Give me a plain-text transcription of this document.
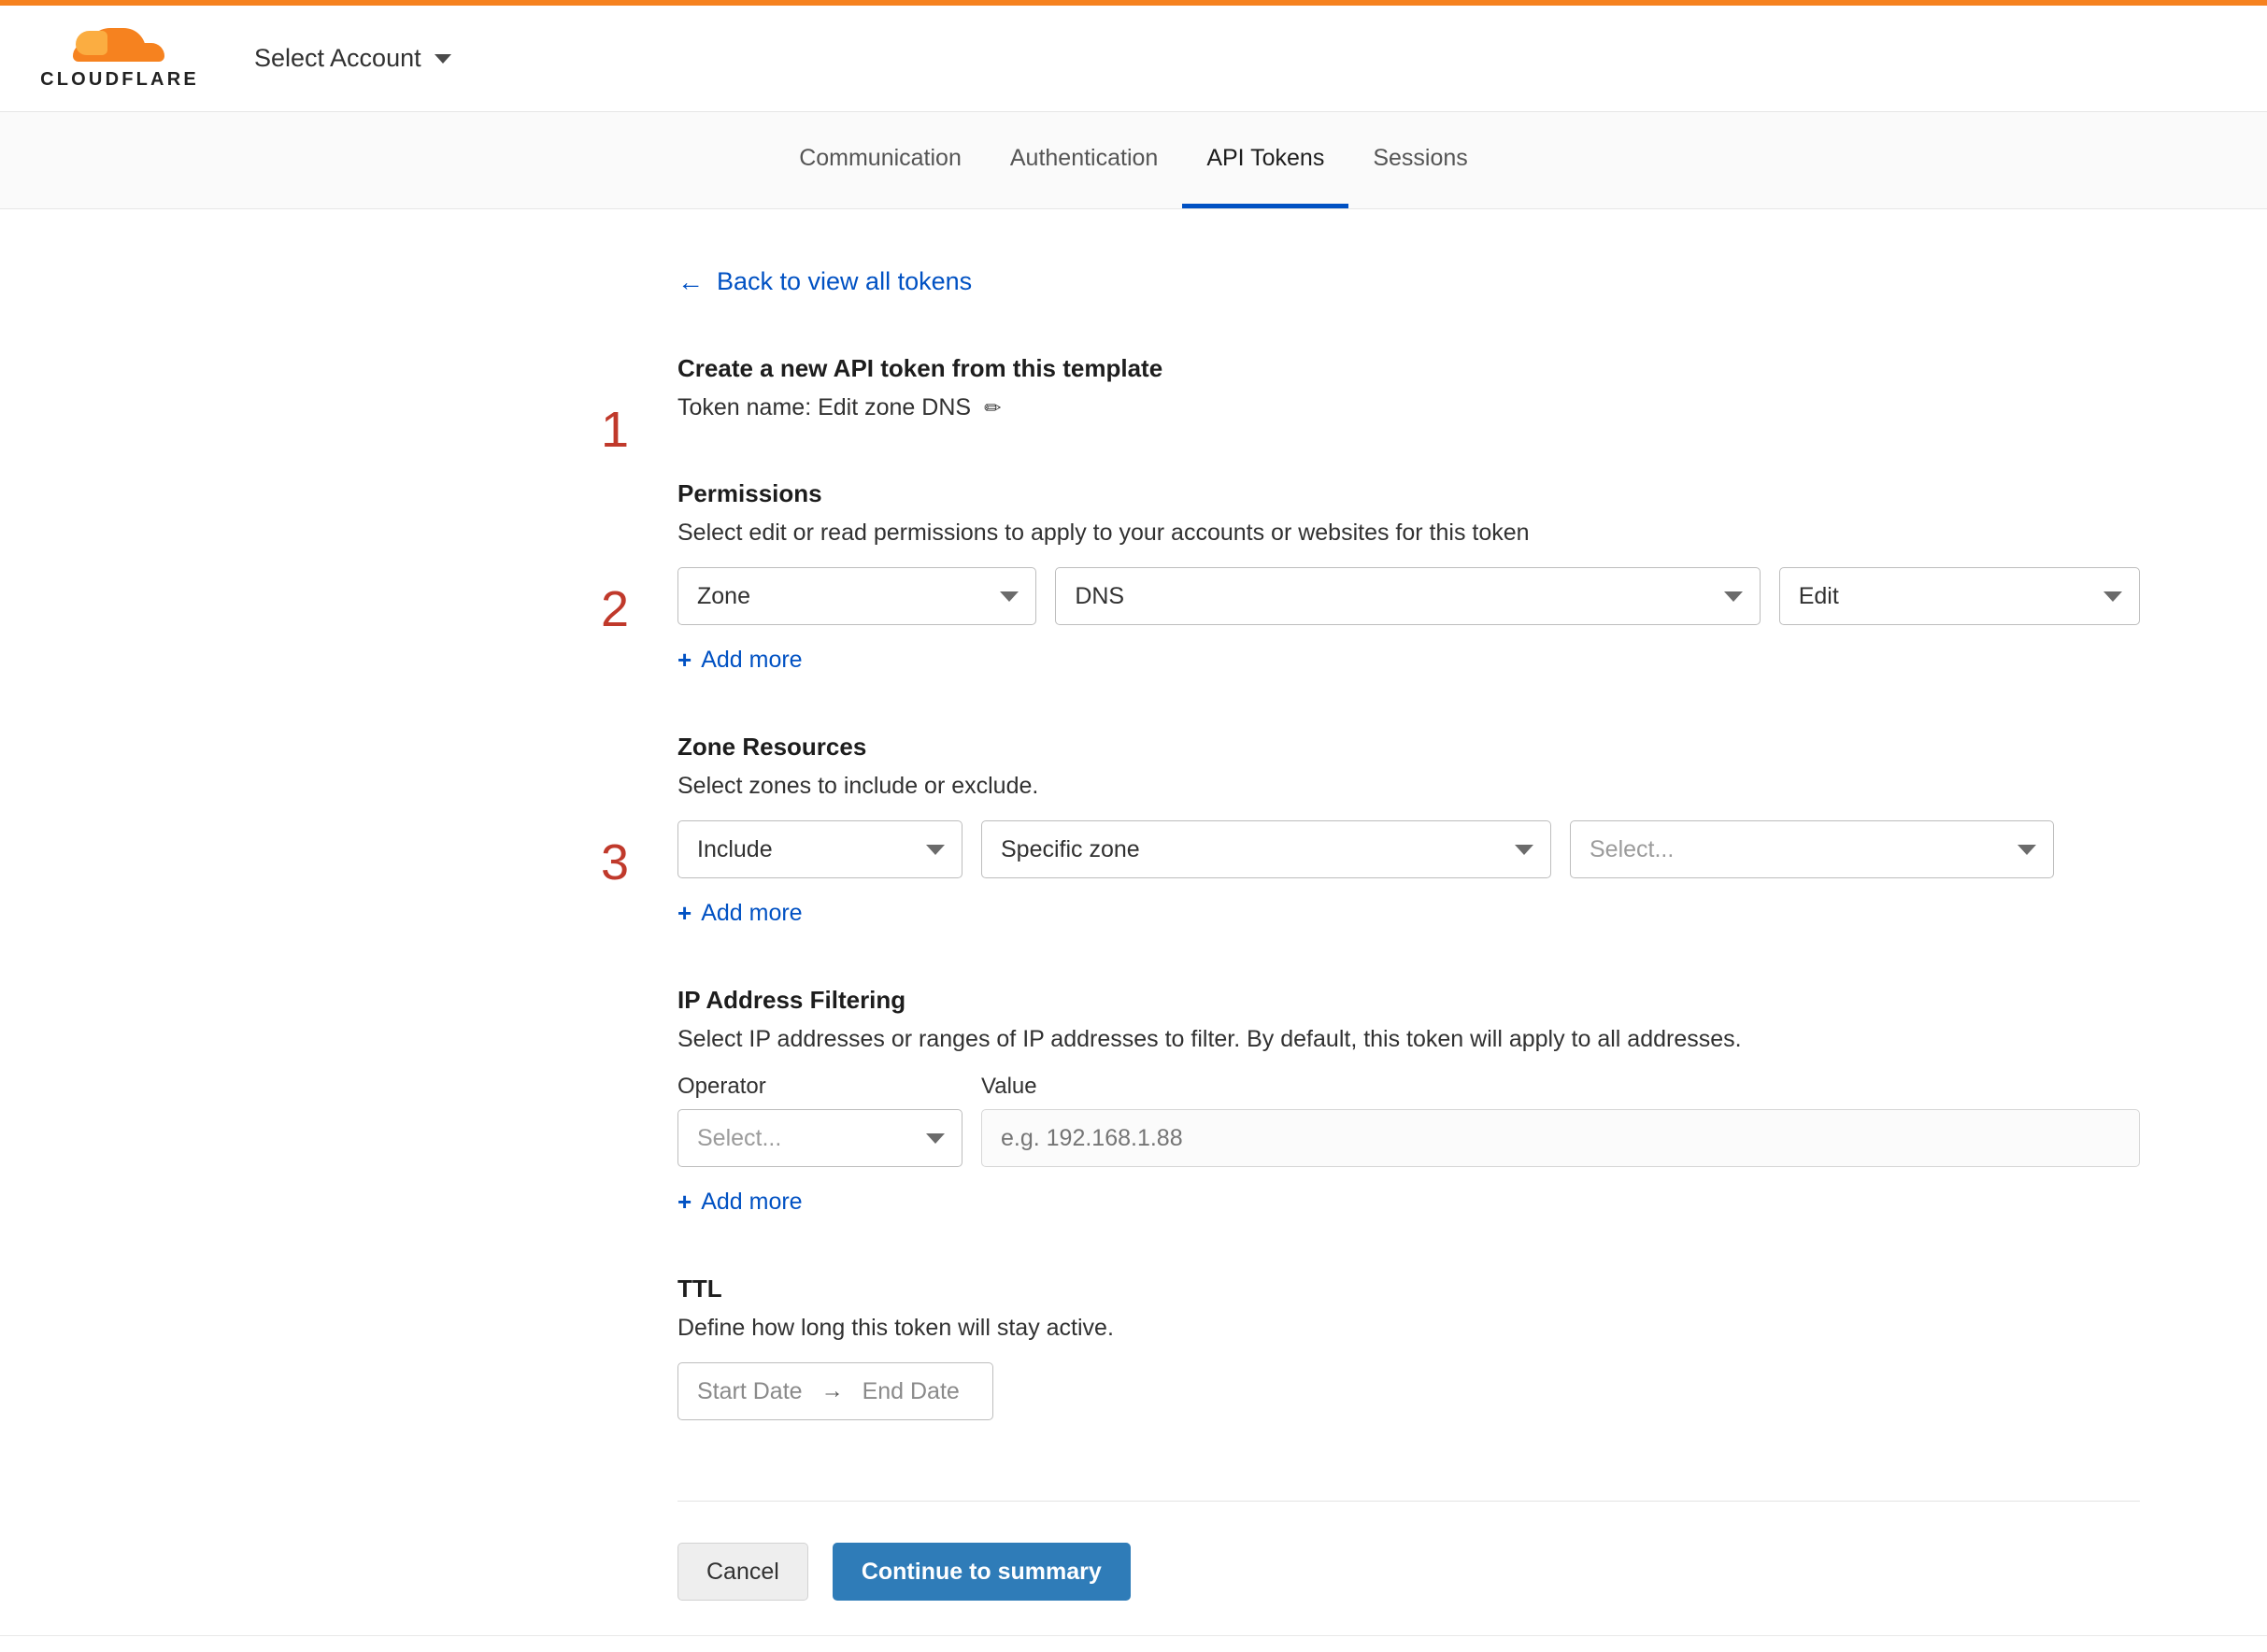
CLOUDFLARE
Select Account
Communication Authentication API Tokens Sessions
← Back to view all tokens
1
Create a new API token from this template
Token name: Edit zone DNS ✏
2
Permissions
Select edit or read permissions to apply to your accounts or websites for this token
Zone	DNS	Edit
+ Add more
3
Zone Resources
Select zones to include or exclude.
Include	Specific zone	Select...
+ Add more
IP Address Filtering
Select IP addresses or ranges of IP addresses to filter. By default, this token will apply to all addresses.
Operator
Select...
Value
e.g. 192.168.1.88
+ Add more
TTL
Define how long this token will stay active.
Start Date → End Date
Cancel	Continue to summary
